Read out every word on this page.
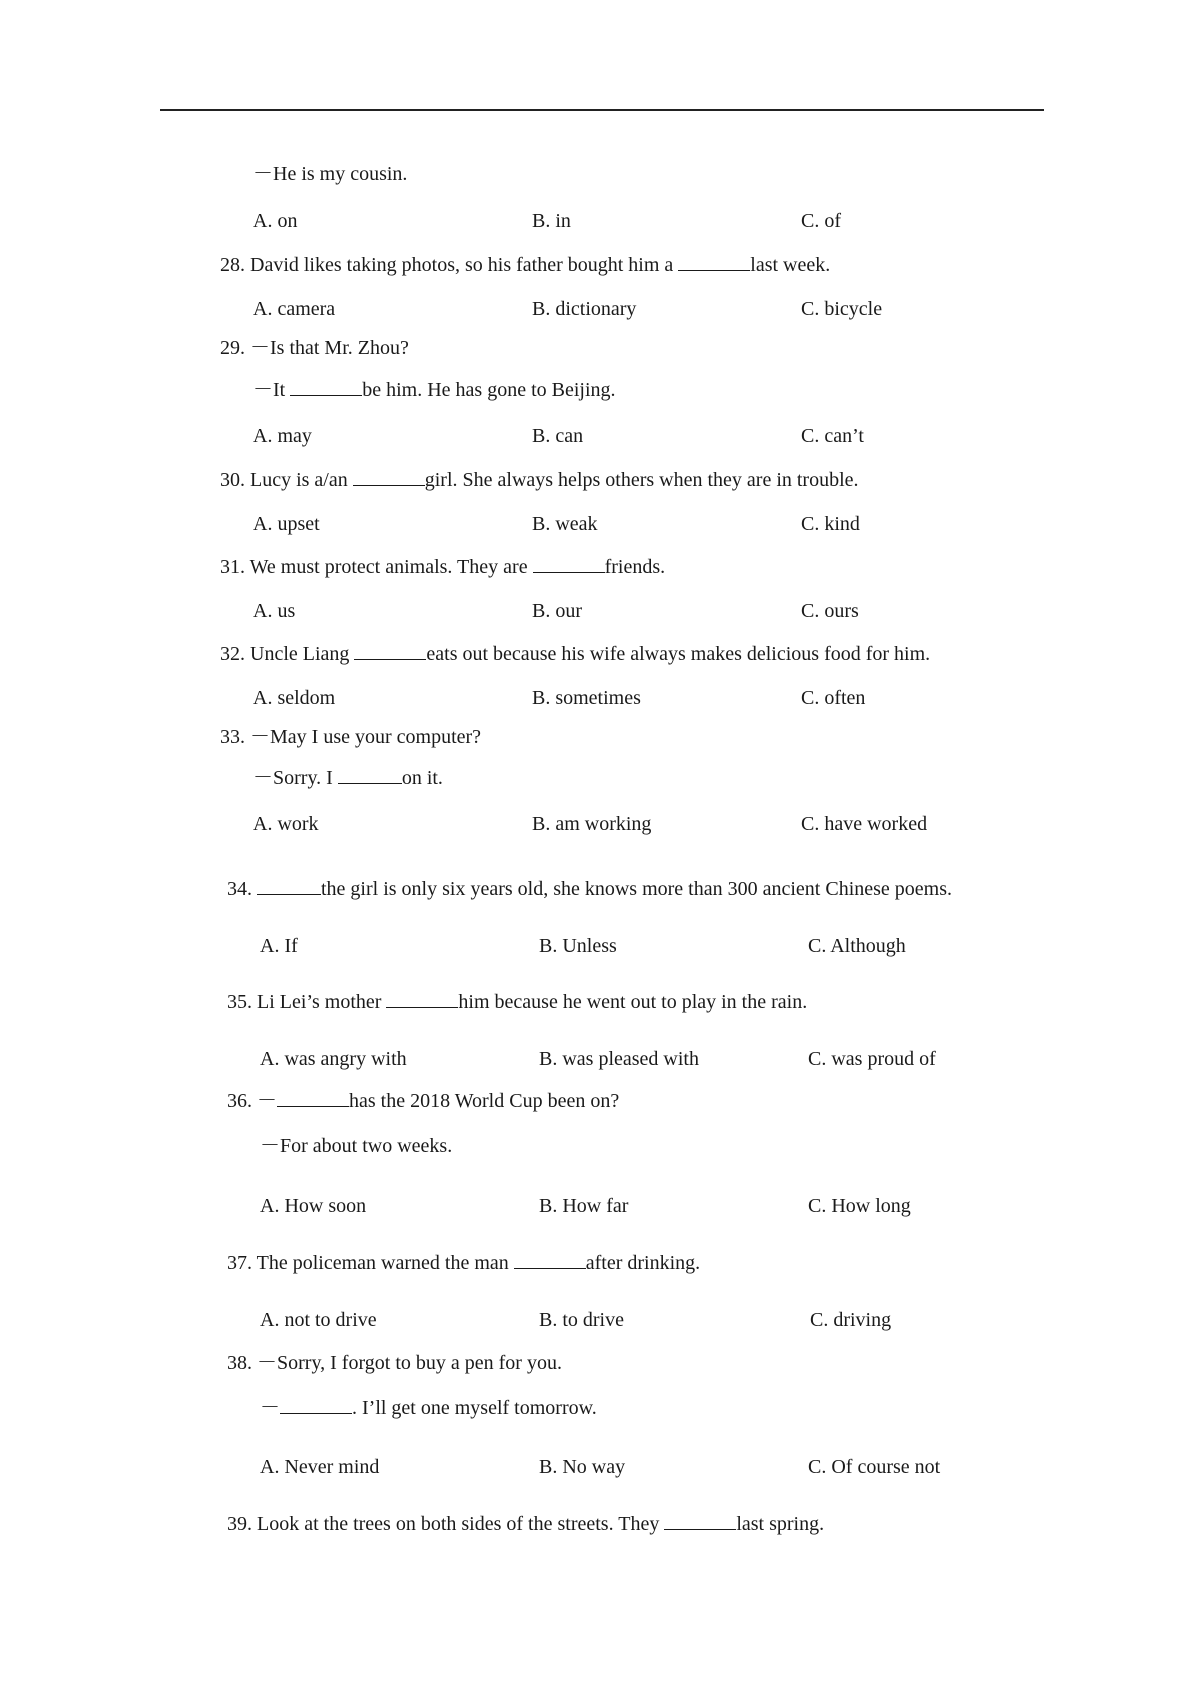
－He is my cousin.
A. on	B. in	C. of
28. David likes taking photos, so his father bought him a	last week.
A. camera	B. dictionary	C. bicycle
29. －Is that Mr. Zhou?
－It	be him. He has gone to Beijing.
A. may	B. can	C. can’t
30. Lucy is a/an	girl. She always helps others when they are in trouble.
A. upset	B. weak	C. kind
31. We must protect animals. They are	friends.
A. us	B. our	C. ours
32. Uncle Liang	eats out because his wife always makes delicious food for him.
A. seldom	B. sometimes	C. often
33. －May I use your computer?
－Sorry. I	on it.
A. work	B. am working	C. have worked
34.	the girl is only six years old, she knows more than 300 ancient Chinese poems.
A. If	B. Unless	C. Although
35. Li Lei’s mother	him because he went out to play in the rain.
A. was angry with	B. was pleased with	C. was proud of
36. －	has the 2018 World Cup been on?
－For about two weeks.
A. How soon	B. How far	C. How long
37. The policeman warned the man	after drinking.
A. not to drive	B. to drive	C. driving
38. －Sorry, I forgot to buy a pen for you.
－	. I’ll get one myself tomorrow.
A. Never mind	B. No way	C. Of course not
39. Look at the trees on both sides of the streets. They	last spring.
